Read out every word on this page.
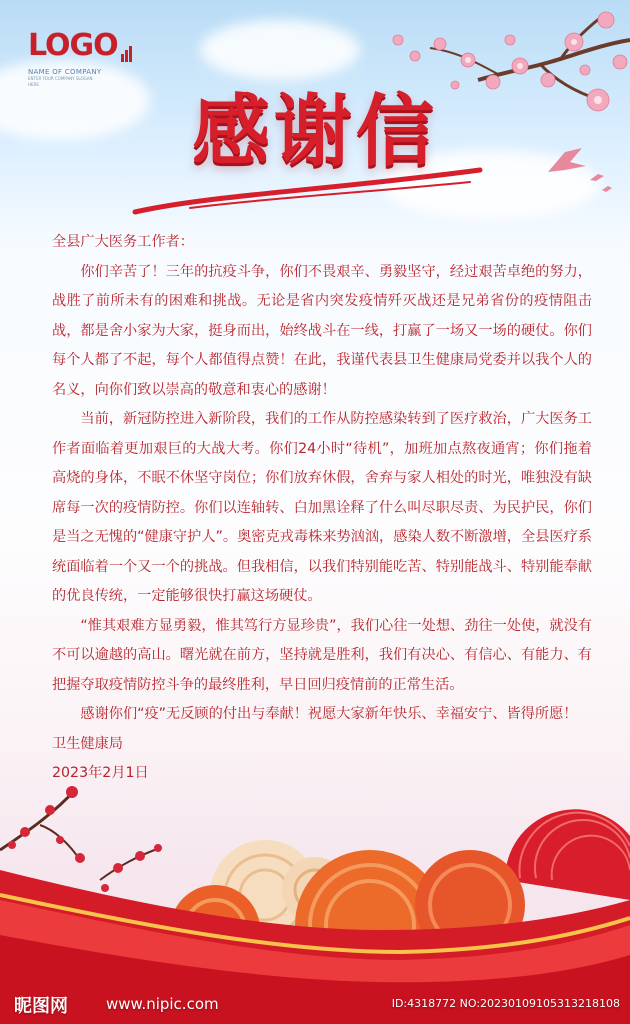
LOGO
NAME OF COMPANY
ENTER YOUR COMPANY SLOGAN HERE
感谢信

全县广大医务工作者：

你们辛苦了！三年的抗疫斗争，你们不畏艰辛、勇毅坚守，经过艰苦卓绝的努力，战胜了前所未有的困难和挑战。无论是省内突发疫情歼灭战还是兄弟省份的疫情阻击战，都是舍小家为大家，挺身而出，始终战斗在一线，打赢了一场又一场的硬仗。你们每个人都了不起，每个人都值得点赞！在此，我谨代表县卫生健康局党委并以我个人的名义，向你们致以崇高的敬意和衷心的感谢！

当前，新冠防控进入新阶段，我们的工作从防控感染转到了医疗救治，广大医务工作者面临着更加艰巨的大战大考。你们24小时“待机”，加班加点熬夜通宵；你们拖着高烧的身体，不眠不休坚守岗位；你们放弃休假，舍弃与家人相处的时光，唯独没有缺席每一次的疫情防控。你们以连轴转、白加黑诠释了什么叫尽职尽责、为民护民，你们是当之无愧的“健康守护人”。奥密克戎毒株来势汹汹，感染人数不断激增，全县医疗系统面临着一个又一个的挑战。但我相信，以我们特别能吃苦、特别能战斗、特别能奉献的优良传统，一定能够很快打赢这场硬仗。

“惟其艰难方显勇毅，惟其笃行方显珍贵”，我们心往一处想、劲往一处使，就没有不可以逾越的高山。曙光就在前方，坚持就是胜利，我们有决心、有信心、有能力、有把握夺取疫情防控斗争的最终胜利，早日回归疫情前的正常生活。

感谢你们“疫”无反顾的付出与奉献！祝愿大家新年快乐、幸福安宁、皆得所愿！

卫生健康局

2023年2月1日

昵图网	www.nipic.com	ID:4318772 NO:20230109105313218108
